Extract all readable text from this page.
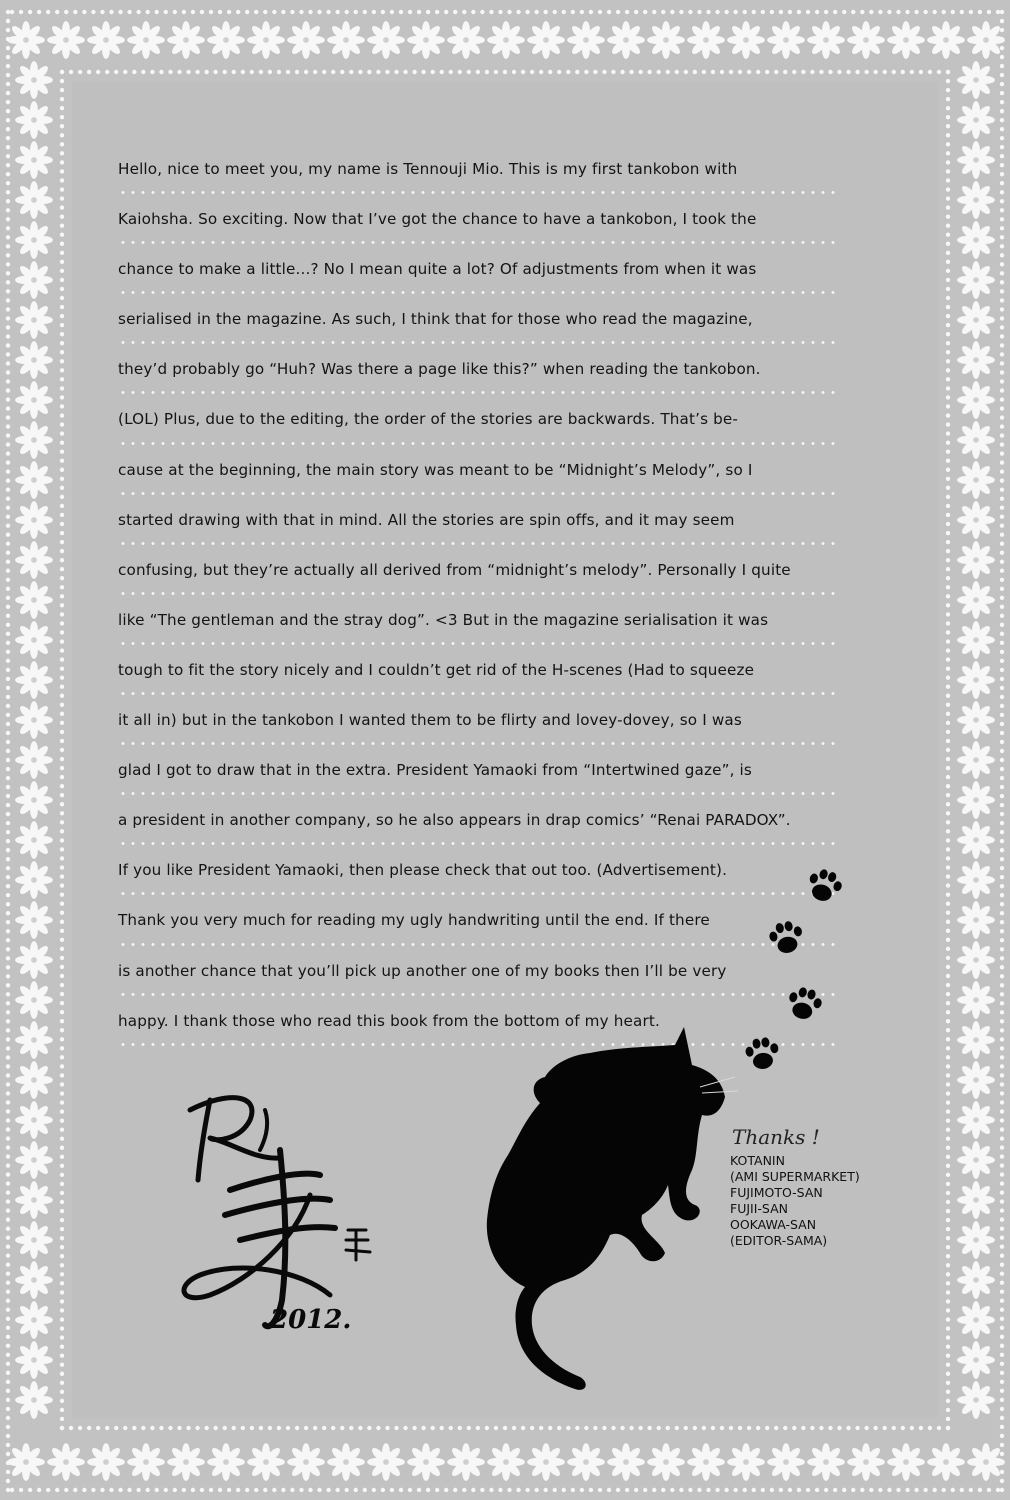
Hello, nice to meet you, my name is Tennouji Mio. This is my first tankobon with
Kaiohsha. So exciting. Now that I’ve got the chance to have a tankobon, I took the
chance to make a little...? No I mean quite a lot? Of adjustments from when it was
serialised in the magazine. As such, I think that for those who read the magazine,
they’d probably go “Huh? Was there a page like this?” when reading the tankobon.
(LOL) Plus, due to the editing, the order of the stories are backwards. That’s be-
cause at the beginning, the main story was meant to be “Midnight’s Melody”, so I
started drawing with that in mind. All the stories are spin offs, and it may seem
confusing, but they’re actually all derived from “midnight’s melody”. Personally I quite
like “The gentleman and the stray dog”. <3 But in the magazine serialisation it was
tough to fit the story nicely and I couldn’t get rid of the H-scenes (Had to squeeze
it all in) but in the tankobon I wanted them to be flirty and lovey-dovey, so I was
glad I got to draw that in the extra. President Yamaoki from “Intertwined gaze”, is
a president in another company, so he also appears in drap comics’ “Renai PARADOX”.
If you like President Yamaoki, then please check that out too. (Advertisement).
Thank you very much for reading my ugly handwriting until the end. If there
is another chance that you’ll pick up another one of my books then I’ll be very
happy. I thank those who read this book from the bottom of my heart.
2012.
Thanks !
KOTANIN
(AMI SUPERMARKET)
FUJIMOTO-SAN
FUJII-SAN
OOKAWA-SAN
(EDITOR-SAMA)
